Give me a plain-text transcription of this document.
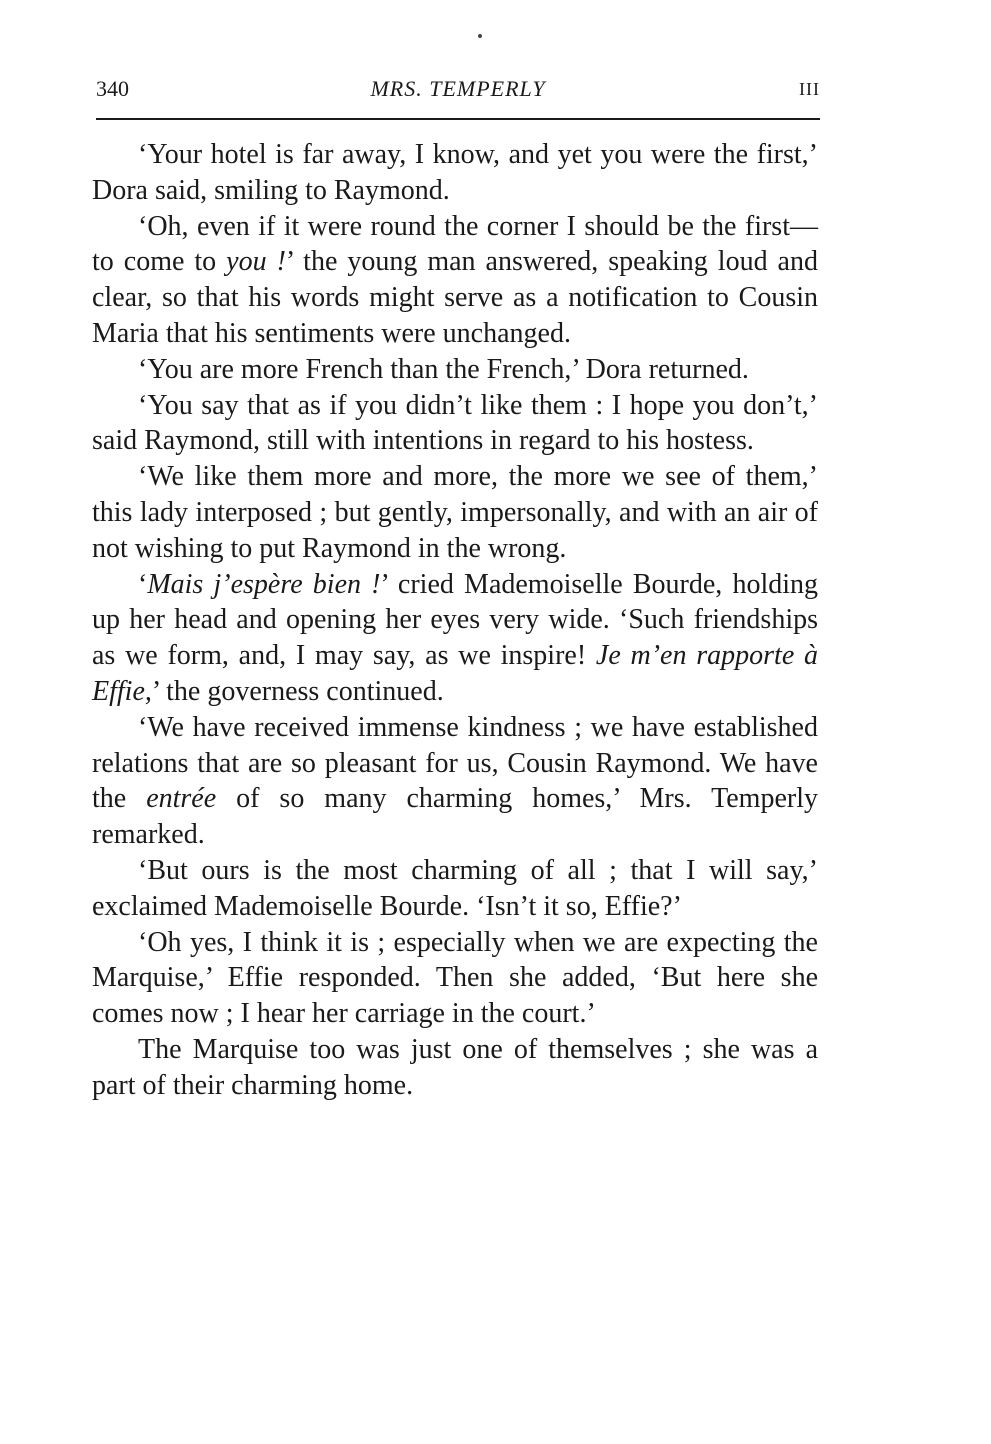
340	MRS. TEMPERLY	III

‘Your hotel is far away, I know, and yet you were the first,’ Dora said, smiling to Raymond.

‘Oh, even if it were round the corner I should be the first—to come to you !’ the young man answered, speaking loud and clear, so that his words might serve as a notification to Cousin Maria that his sentiments were unchanged.

‘You are more French than the French,’ Dora returned.

‘You say that as if you didn’t like them : I hope you don’t,’ said Raymond, still with intentions in regard to his hostess.

‘We like them more and more, the more we see of them,’ this lady interposed ; but gently, impersonally, and with an air of not wishing to put Raymond in the wrong.

‘Mais j’espère bien !’ cried Mademoiselle Bourde, holding up her head and opening her eyes very wide. ‘Such friendships as we form, and, I may say, as we inspire! Je m’en rapporte à Effie,’ the governess continued.

‘We have received immense kindness ; we have established relations that are so pleasant for us, Cousin Raymond. We have the entrée of so many charming homes,’ Mrs. Temperly remarked.

‘But ours is the most charming of all ; that I will say,’ exclaimed Mademoiselle Bourde. ‘Isn’t it so, Effie?’

‘Oh yes, I think it is ; especially when we are expecting the Marquise,’ Effie responded. Then she added, ‘But here she comes now ; I hear her carriage in the court.’

The Marquise too was just one of themselves ; she was a part of their charming home.
